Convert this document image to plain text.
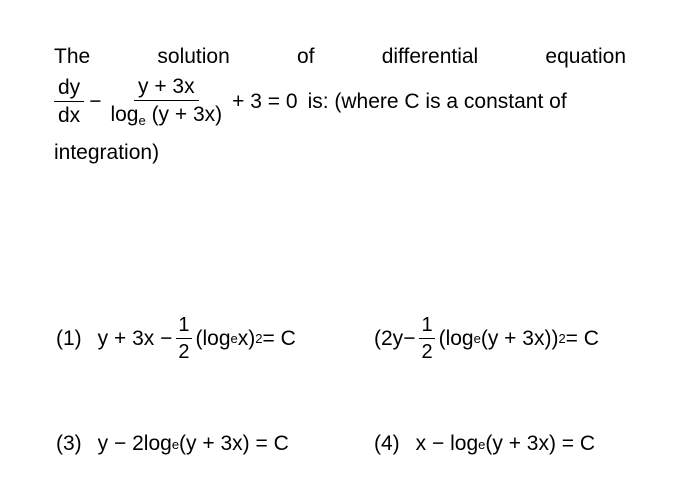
The	solution	of	differential	equation
$\frac{dy}{dx} - \frac{y + 3x}{\log_e (y + 3x)} + 3 = 0$ is: (where C is a constant of
integration)
(1) $y + 3x - \frac{1}{2} (\log$ e x) 2 = C	($2y - \frac{1}{2} (\log$ e (y + 3x)) 2 = C
(3) y − 2log e (y + 3x) = C	(4) x − log e (y + 3x) = C
